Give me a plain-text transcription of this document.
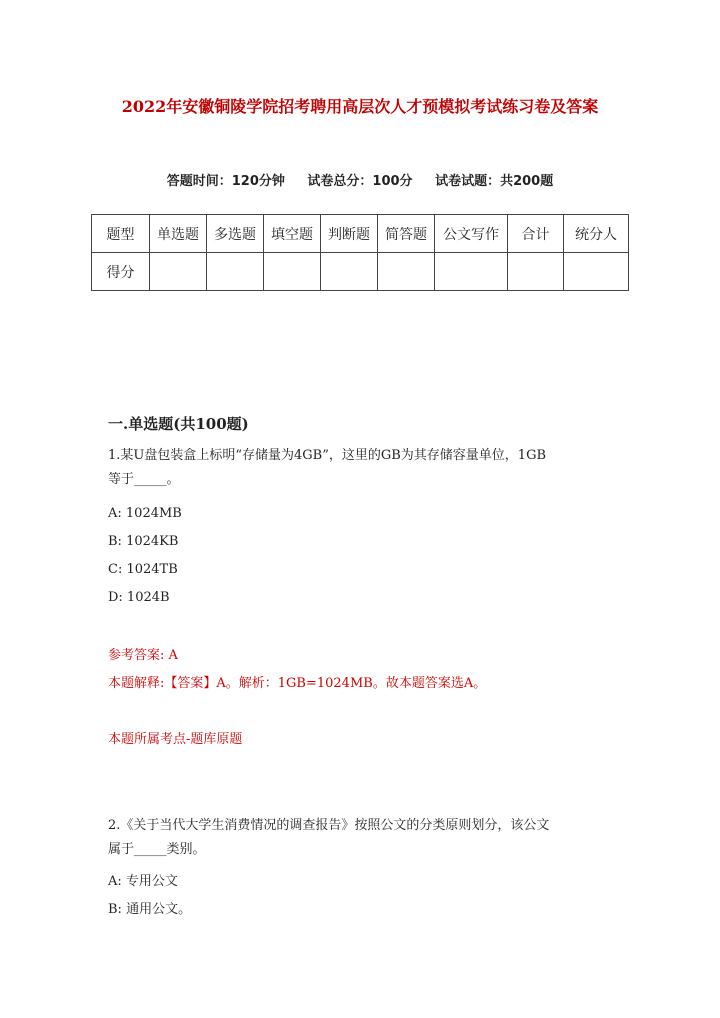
2022年安徽铜陵学院招考聘用高层次人才预模拟考试练习卷及答案
答题时间：120分钟 试卷总分：100分 试卷试题：共200题
题型	单选题	多选题	填空题	判断题	简答题	公文写作	合计	统分人
得分								
一.单选题(共100题)
1.某U盘包装盒上标明“存储量为4GB”，这里的GB为其存储容量单位，1GB
等于_____。
A: 1024MB
B: 1024KB
C: 1024TB
D: 1024B
参考答案: A
本题解释:【答案】A。解析：1GB=1024MB。故本题答案选A。
本题所属考点-题库原题
2.《关于当代大学生消费情况的调查报告》按照公文的分类原则划分，该公文
属于_____类别。
A: 专用公文
B: 通用公文。
